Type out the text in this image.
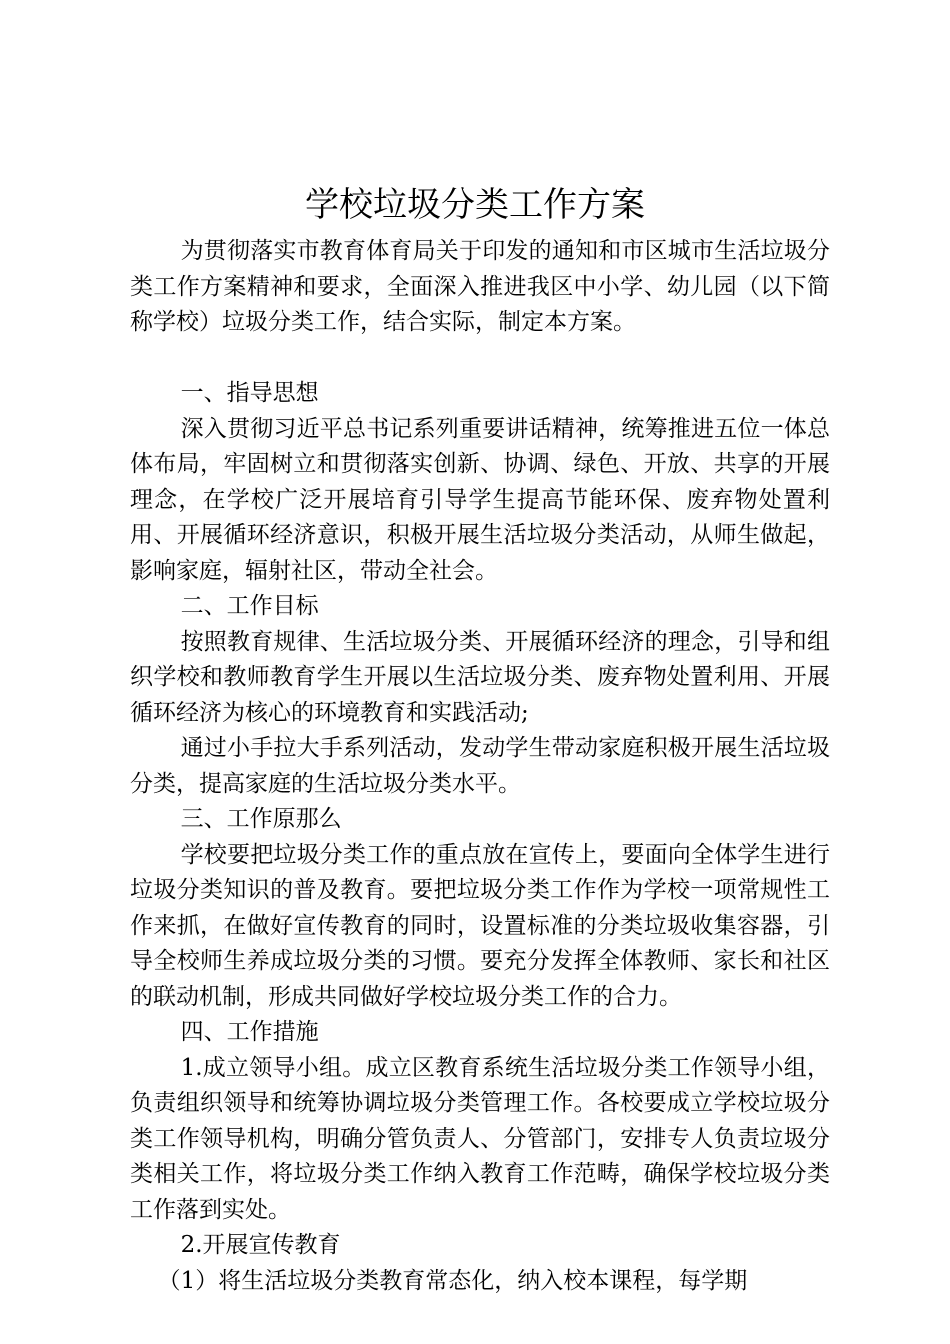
学校垃圾分类工作方案

为贯彻落实市教育体育局关于印发的通知和市区城市生活垃圾分类工作方案精神和要求，全面深入推进我区中小学、幼儿园（以下简称学校）垃圾分类工作，结合实际，制定本方案。

一、指导思想

深入贯彻习近平总书记系列重要讲话精神，统筹推进五位一体总体布局，牢固树立和贯彻落实创新、协调、绿色、开放、共享的开展理念，在学校广泛开展培育引导学生提高节能环保、废弃物处置利用、开展循环经济意识，积极开展生活垃圾分类活动，从师生做起，影响家庭，辐射社区，带动全社会。

二、工作目标

按照教育规律、生活垃圾分类、开展循环经济的理念，引导和组织学校和教师教育学生开展以生活垃圾分类、废弃物处置利用、开展循环经济为核心的环境教育和实践活动;

通过小手拉大手系列活动，发动学生带动家庭积极开展生活垃圾分类，提高家庭的生活垃圾分类水平。

三、工作原那么

学校要把垃圾分类工作的重点放在宣传上，要面向全体学生进行垃圾分类知识的普及教育。要把垃圾分类工作作为学校一项常规性工作来抓，在做好宣传教育的同时，设置标准的分类垃圾收集容器，引导全校师生养成垃圾分类的习惯。要充分发挥全体教师、家长和社区的联动机制，形成共同做好学校垃圾分类工作的合力。

四、工作措施

1.成立领导小组。成立区教育系统生活垃圾分类工作领导小组，负责组织领导和统筹协调垃圾分类管理工作。各校要成立学校垃圾分类工作领导机构，明确分管负责人、分管部门，安排专人负责垃圾分类相关工作，将垃圾分类工作纳入教育工作范畴，确保学校垃圾分类工作落到实处。

2.开展宣传教育

（1）将生活垃圾分类教育常态化，纳入校本课程，每学期
